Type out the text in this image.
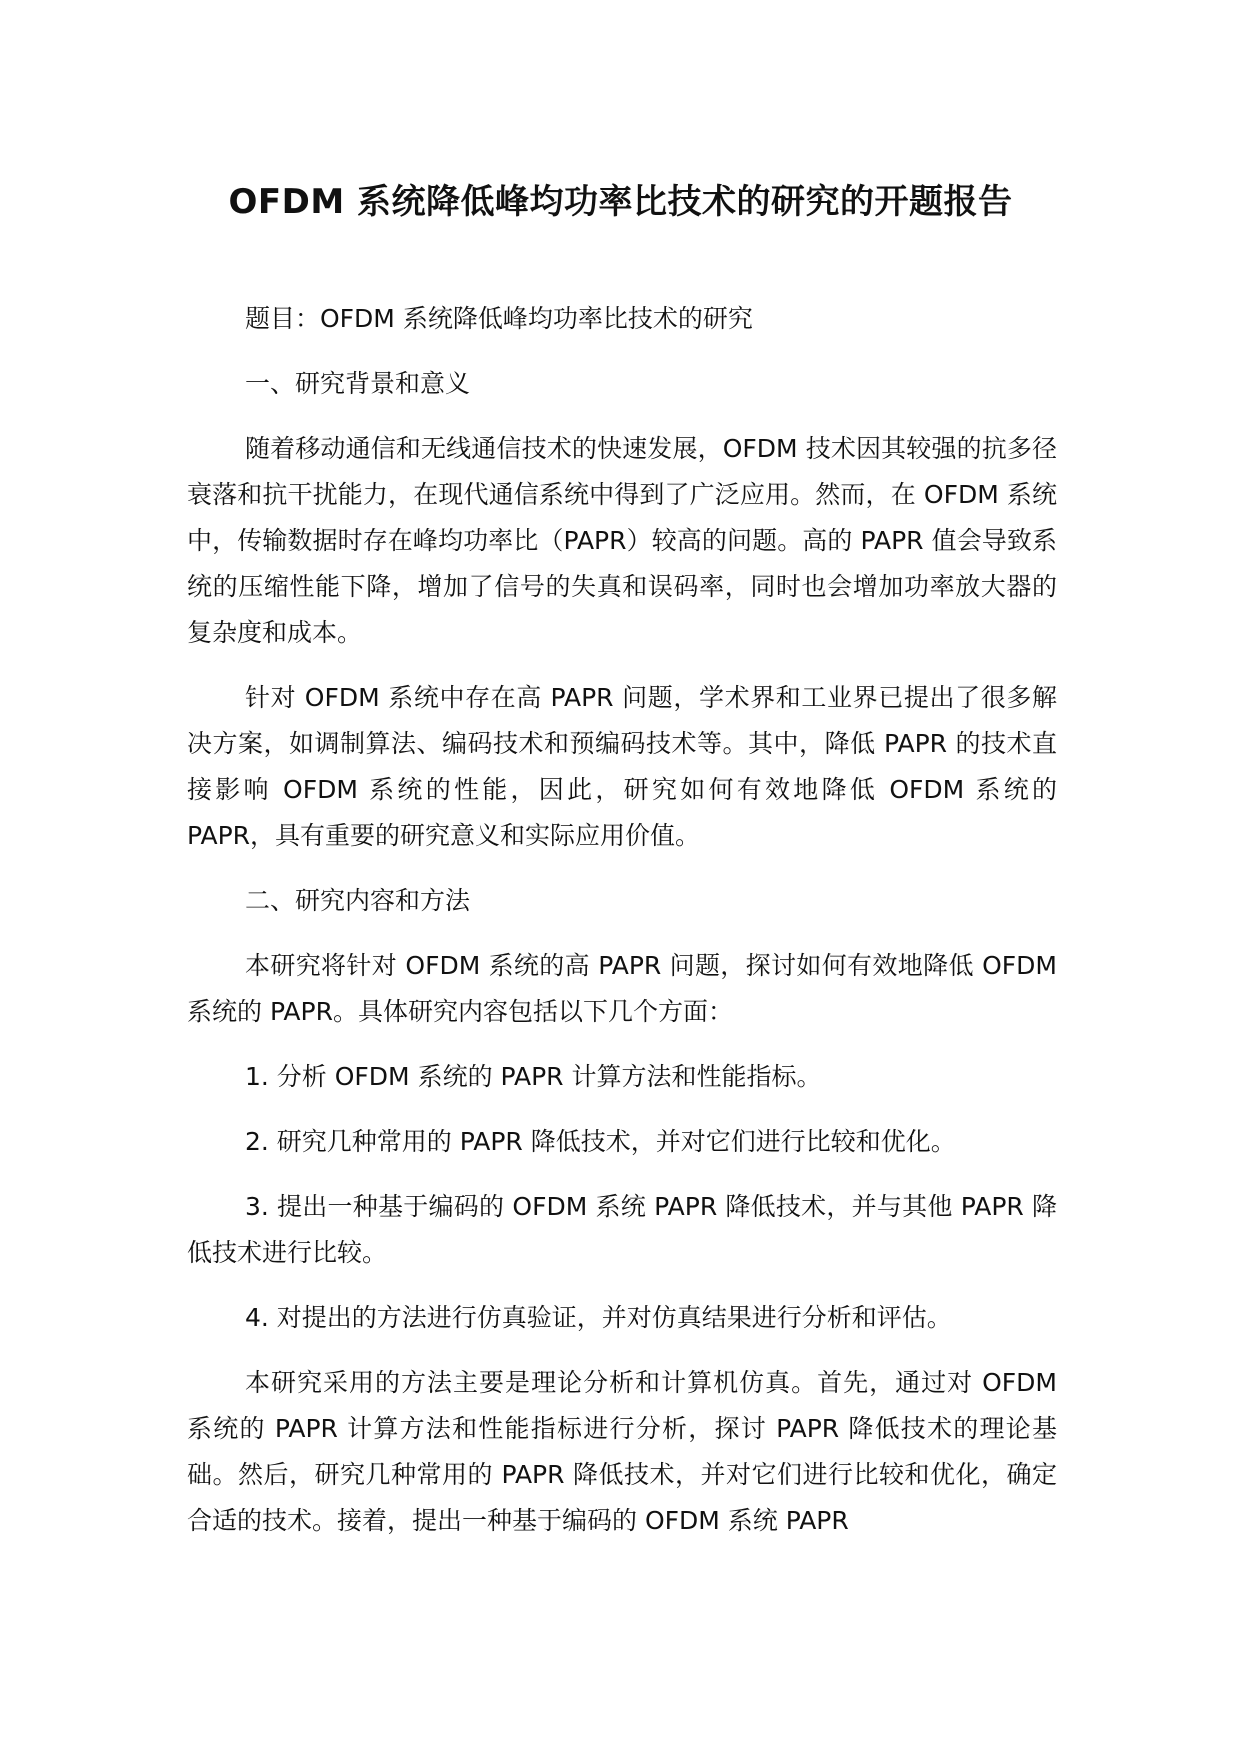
OFDM 系统降低峰均功率比技术的研究的开题报告

题目：OFDM 系统降低峰均功率比技术的研究

一、研究背景和意义

随着移动通信和无线通信技术的快速发展，OFDM 技术因其较强的抗多径衰落和抗干扰能力，在现代通信系统中得到了广泛应用。然而，在 OFDM 系统中，传输数据时存在峰均功率比（PAPR）较高的问题。高的 PAPR 值会导致系统的压缩性能下降，增加了信号的失真和误码率，同时也会增加功率放大器的复杂度和成本。

针对 OFDM 系统中存在高 PAPR 问题，学术界和工业界已提出了很多解决方案，如调制算法、编码技术和预编码技术等。其中，降低 PAPR 的技术直接影响 OFDM 系统的性能，因此，研究如何有效地降低 OFDM 系统的 PAPR，具有重要的研究意义和实际应用价值。

二、研究内容和方法

本研究将针对 OFDM 系统的高 PAPR 问题，探讨如何有效地降低 OFDM 系统的 PAPR。具体研究内容包括以下几个方面：

1. 分析 OFDM 系统的 PAPR 计算方法和性能指标。

2. 研究几种常用的 PAPR 降低技术，并对它们进行比较和优化。

3. 提出一种基于编码的 OFDM 系统 PAPR 降低技术，并与其他 PAPR 降低技术进行比较。

4. 对提出的方法进行仿真验证，并对仿真结果进行分析和评估。

本研究采用的方法主要是理论分析和计算机仿真。首先，通过对 OFDM 系统的 PAPR 计算方法和性能指标进行分析，探讨 PAPR 降低技术的理论基础。然后，研究几种常用的 PAPR 降低技术，并对它们进行比较和优化，确定合适的技术。接着，提出一种基于编码的 OFDM 系统 PAPR
